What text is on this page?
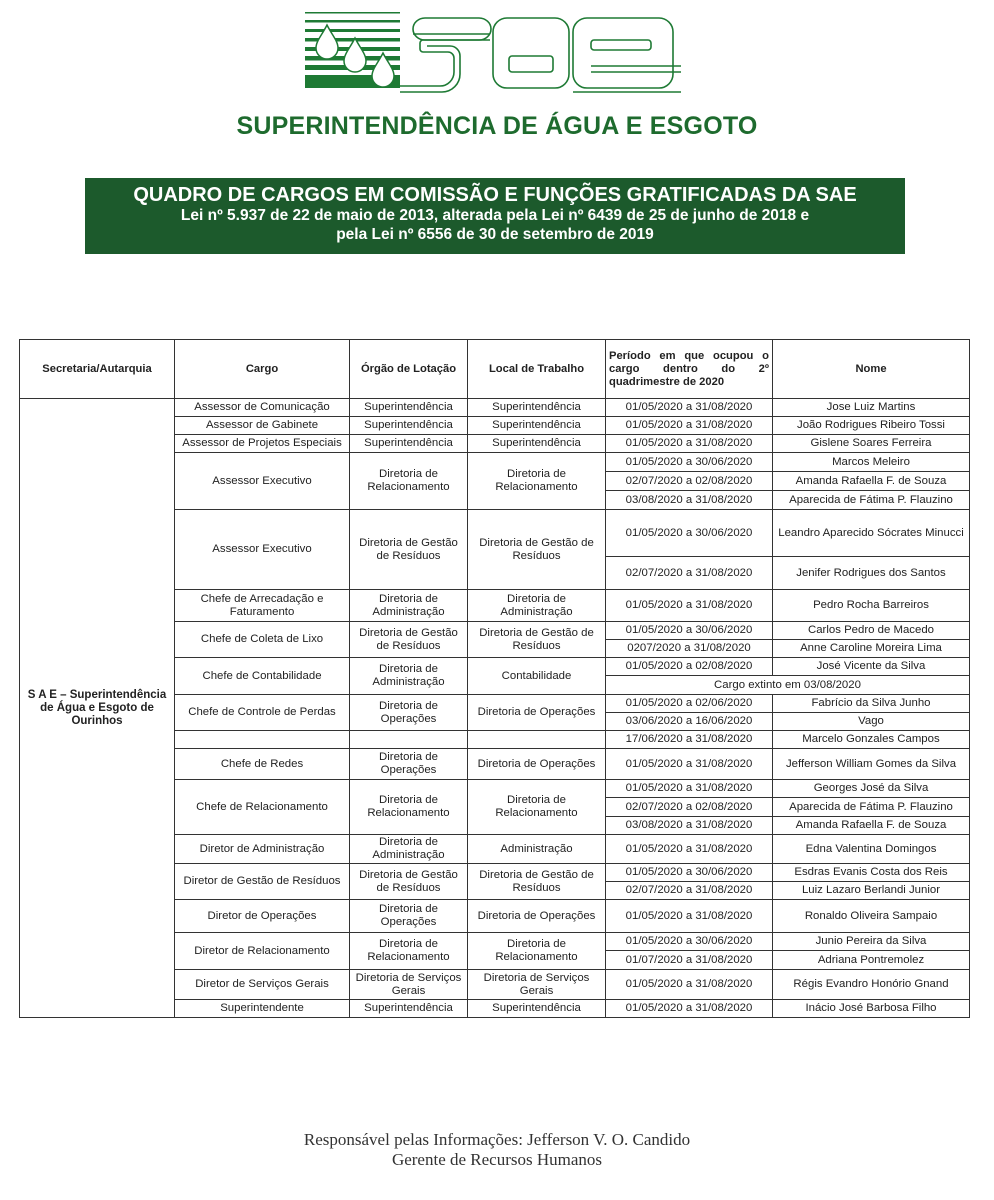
SUPERINTENDÊNCIA DE ÁGUA E ESGOTO
QUADRO DE CARGOS EM COMISSÃO E FUNÇÕES GRATIFICADAS DA SAE
Lei nº 5.937 de 22 de maio de 2013, alterada pela Lei nº 6439 de 25 de junho de 2018 e
pela Lei nº 6556 de 30 de setembro de 2019
Secretaria/Autarquia	Cargo	Órgão de Lotação	Local de Trabalho	Período em que ocupou o cargo dentro do 2º quadrimestre de 2020	Nome
S A E – Superintendência de Água e Esgoto de Ourinhos	Assessor de Comunicação	Superintendência	Superintendência	01/05/2020 a 31/08/2020	Jose Luiz Martins
	Assessor de Gabinete	Superintendência	Superintendência	01/05/2020 a 31/08/2020	João Rodrigues Ribeiro Tossi
	Assessor de Projetos Especiais	Superintendência	Superintendência	01/05/2020 a 31/08/2020	Gislene Soares Ferreira
	Assessor Executivo	Diretoria de Relacionamento	Diretoria de Relacionamento	01/05/2020 a 30/06/2020	Marcos Meleiro
				02/07/2020 a 02/08/2020	Amanda Rafaella F. de Souza
				03/08/2020 a 31/08/2020	Aparecida de Fátima P. Flauzino
	Assessor Executivo	Diretoria de Gestão de Resíduos	Diretoria de Gestão de Resíduos	01/05/2020 a 30/06/2020	Leandro Aparecido Sócrates Minucci
				02/07/2020 a 31/08/2020	Jenifer Rodrigues dos Santos
	Chefe de Arrecadação e Faturamento	Diretoria de Administração	Diretoria de Administração	01/05/2020 a 31/08/2020	Pedro Rocha Barreiros
	Chefe de Coleta de Lixo	Diretoria de Gestão de Resíduos	Diretoria de Gestão de Resíduos	01/05/2020 a 30/06/2020	Carlos Pedro de Macedo
				0207/2020 a 31/08/2020	Anne Caroline Moreira Lima
	Chefe de Contabilidade	Diretoria de Administração	Contabilidade	01/05/2020 a 02/08/2020	José Vicente da Silva
				Cargo extinto em 03/08/2020	
	Chefe de Controle de Perdas	Diretoria de Operações	Diretoria de Operações	01/05/2020 a 02/06/2020	Fabrício da Silva Junho
				03/06/2020 a 16/06/2020	Vago
				17/06/2020 a 31/08/2020	Marcelo Gonzales Campos
	Chefe de Redes	Diretoria de Operações	Diretoria de Operações	01/05/2020 a 31/08/2020	Jefferson William Gomes da Silva
	Chefe de Relacionamento	Diretoria de Relacionamento	Diretoria de Relacionamento	01/05/2020 a 31/08/2020	Georges José da Silva
				02/07/2020 a 02/08/2020	Aparecida de Fátima P. Flauzino
				03/08/2020 a 31/08/2020	Amanda Rafaella F. de Souza
	Diretor de Administração	Diretoria de Administração	Administração	01/05/2020 a 31/08/2020	Edna Valentina Domingos
	Diretor de Gestão de Resíduos	Diretoria de Gestão de Resíduos	Diretoria de Gestão de Resíduos	01/05/2020 a 30/06/2020	Esdras Evanis Costa dos Reis
				02/07/2020 a 31/08/2020	Luiz Lazaro Berlandi Junior
	Diretor de Operações	Diretoria de Operações	Diretoria de Operações	01/05/2020 a 31/08/2020	Ronaldo Oliveira Sampaio
	Diretor de Relacionamento	Diretoria de Relacionamento	Diretoria de Relacionamento	01/05/2020 a 30/06/2020	Junio Pereira da Silva
				01/07/2020 a 31/08/2020	Adriana Pontremolez
	Diretor de Serviços Gerais	Diretoria de Serviços Gerais	Diretoria de Serviços Gerais	01/05/2020 a 31/08/2020	Régis Evandro Honório Gnand
	Superintendente	Superintendência	Superintendência	01/05/2020 a 31/08/2020	Inácio José Barbosa Filho
Responsável pelas Informações: Jefferson V. O. Candido
Gerente de Recursos Humanos
